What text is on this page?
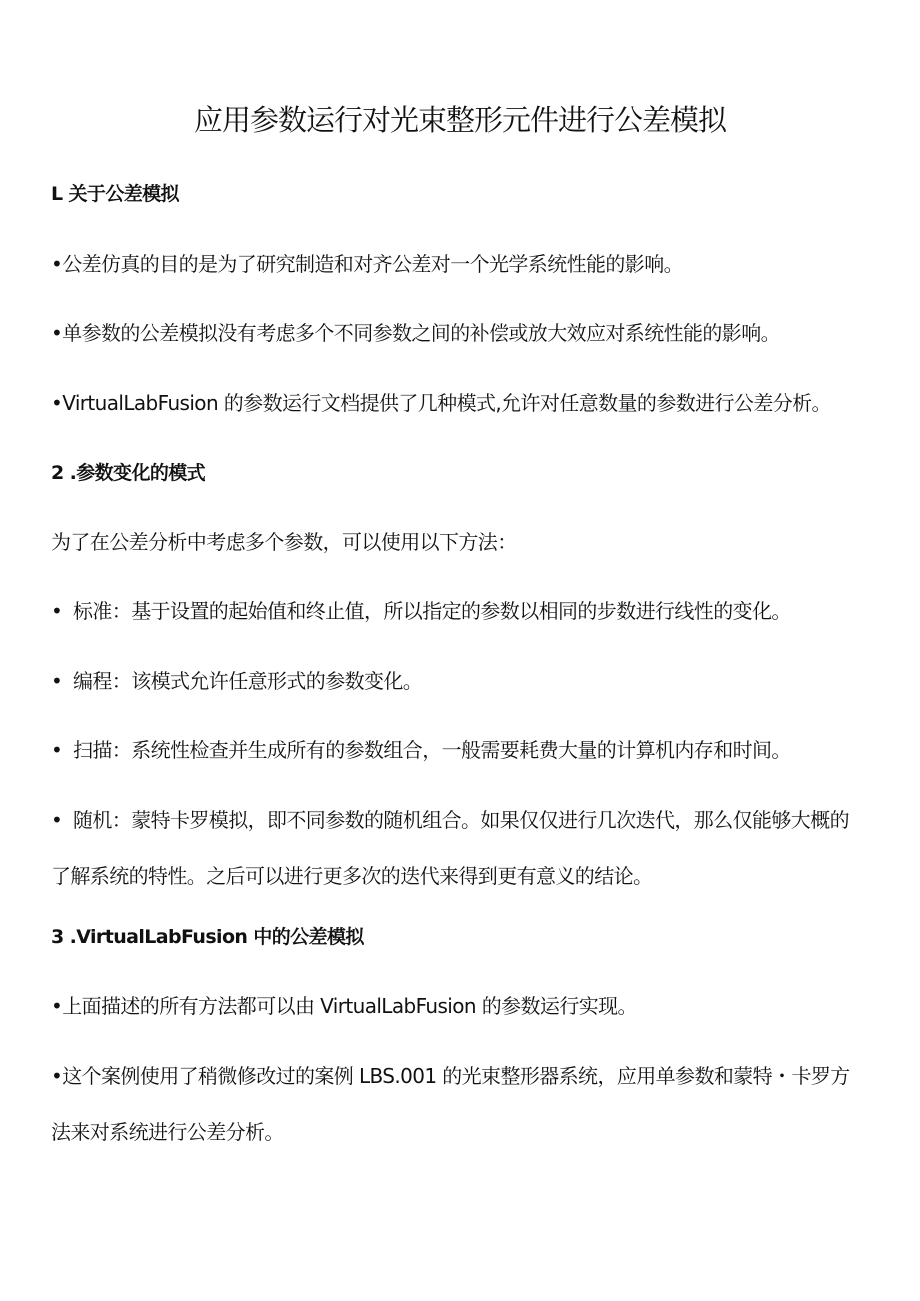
应用参数运行对光束整形元件进行公差模拟
L 关于公差模拟
•公差仿真的目的是为了研究制造和对齐公差对一个光学系统性能的影响。
•单参数的公差模拟没有考虑多个不同参数之间的补偿或放大效应对系统性能的影响。
•VirtualLabFusion 的参数运行文档提供了几种模式,允许对任意数量的参数进行公差分析。
2 .参数变化的模式
为了在公差分析中考虑多个参数，可以使用以下方法：
• 标准：基于设置的起始值和终止值，所以指定的参数以相同的步数进行线性的变化。
• 编程：该模式允许任意形式的参数变化。
• 扫描：系统性检查并生成所有的参数组合，一般需要耗费大量的计算机内存和时间。
• 随机：蒙特卡罗模拟，即不同参数的随机组合。如果仅仅进行几次迭代，那么仅能够大概的了解系统的特性。之后可以进行更多次的迭代来得到更有意义的结论。
3 .VirtualLabFusion 中的公差模拟
•上面描述的所有方法都可以由 VirtualLabFusion 的参数运行实现。
•这个案例使用了稍微修改过的案例 LBS.001 的光束整形器系统，应用单参数和蒙特・卡罗方法来对系统进行公差分析。
